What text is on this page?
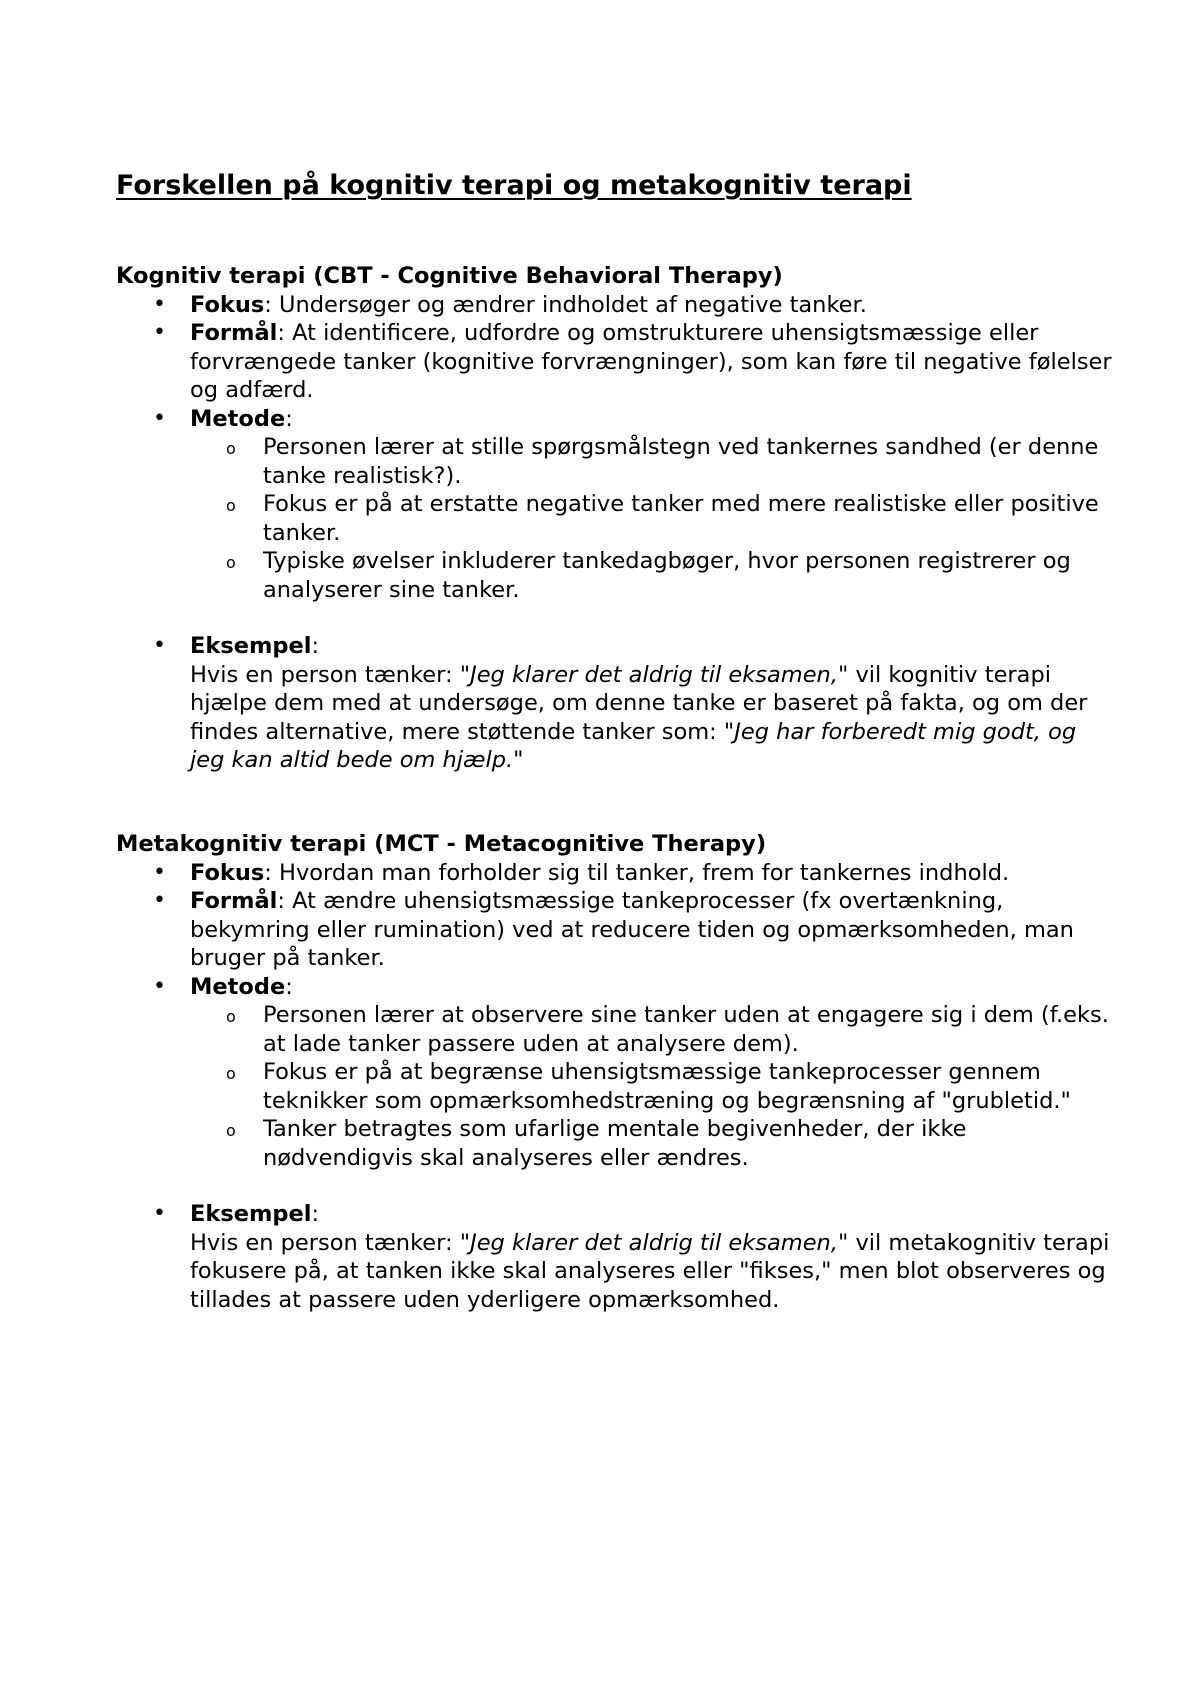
Forskellen på kognitiv terapi og metakognitiv terapi
Kognitiv terapi (CBT - Cognitive Behavioral Therapy)
• Fokus: Undersøger og ændrer indholdet af negative tanker.
• Formål: At identificere, udfordre og omstrukturere uhensigtsmæssige eller forvrængede tanker (kognitive forvrængninger), som kan føre til negative følelser og adfærd.
• Metode:
o Personen lærer at stille spørgsmålstegn ved tankernes sandhed (er denne tanke realistisk?).
o Fokus er på at erstatte negative tanker med mere realistiske eller positive tanker.
o Typiske øvelser inkluderer tankedagbøger, hvor personen registrerer og analyserer sine tanker.
• Eksempel:
Hvis en person tænker: "Jeg klarer det aldrig til eksamen," vil kognitiv terapi hjælpe dem med at undersøge, om denne tanke er baseret på fakta, og om der findes alternative, mere støttende tanker som: "Jeg har forberedt mig godt, og jeg kan altid bede om hjælp."
Metakognitiv terapi (MCT - Metacognitive Therapy)
• Fokus: Hvordan man forholder sig til tanker, frem for tankernes indhold.
• Formål: At ændre uhensigtsmæssige tankeprocesser (fx overtænkning, bekymring eller rumination) ved at reducere tiden og opmærksomheden, man bruger på tanker.
• Metode:
o Personen lærer at observere sine tanker uden at engagere sig i dem (f.eks. at lade tanker passere uden at analysere dem).
o Fokus er på at begrænse uhensigtsmæssige tankeprocesser gennem teknikker som opmærksomhedstræning og begrænsning af "grubletid."
o Tanker betragtes som ufarlige mentale begivenheder, der ikke nødvendigvis skal analyseres eller ændres.
• Eksempel:
Hvis en person tænker: "Jeg klarer det aldrig til eksamen," vil metakognitiv terapi fokusere på, at tanken ikke skal analyseres eller "fikses," men blot observeres og tillades at passere uden yderligere opmærksomhed.
